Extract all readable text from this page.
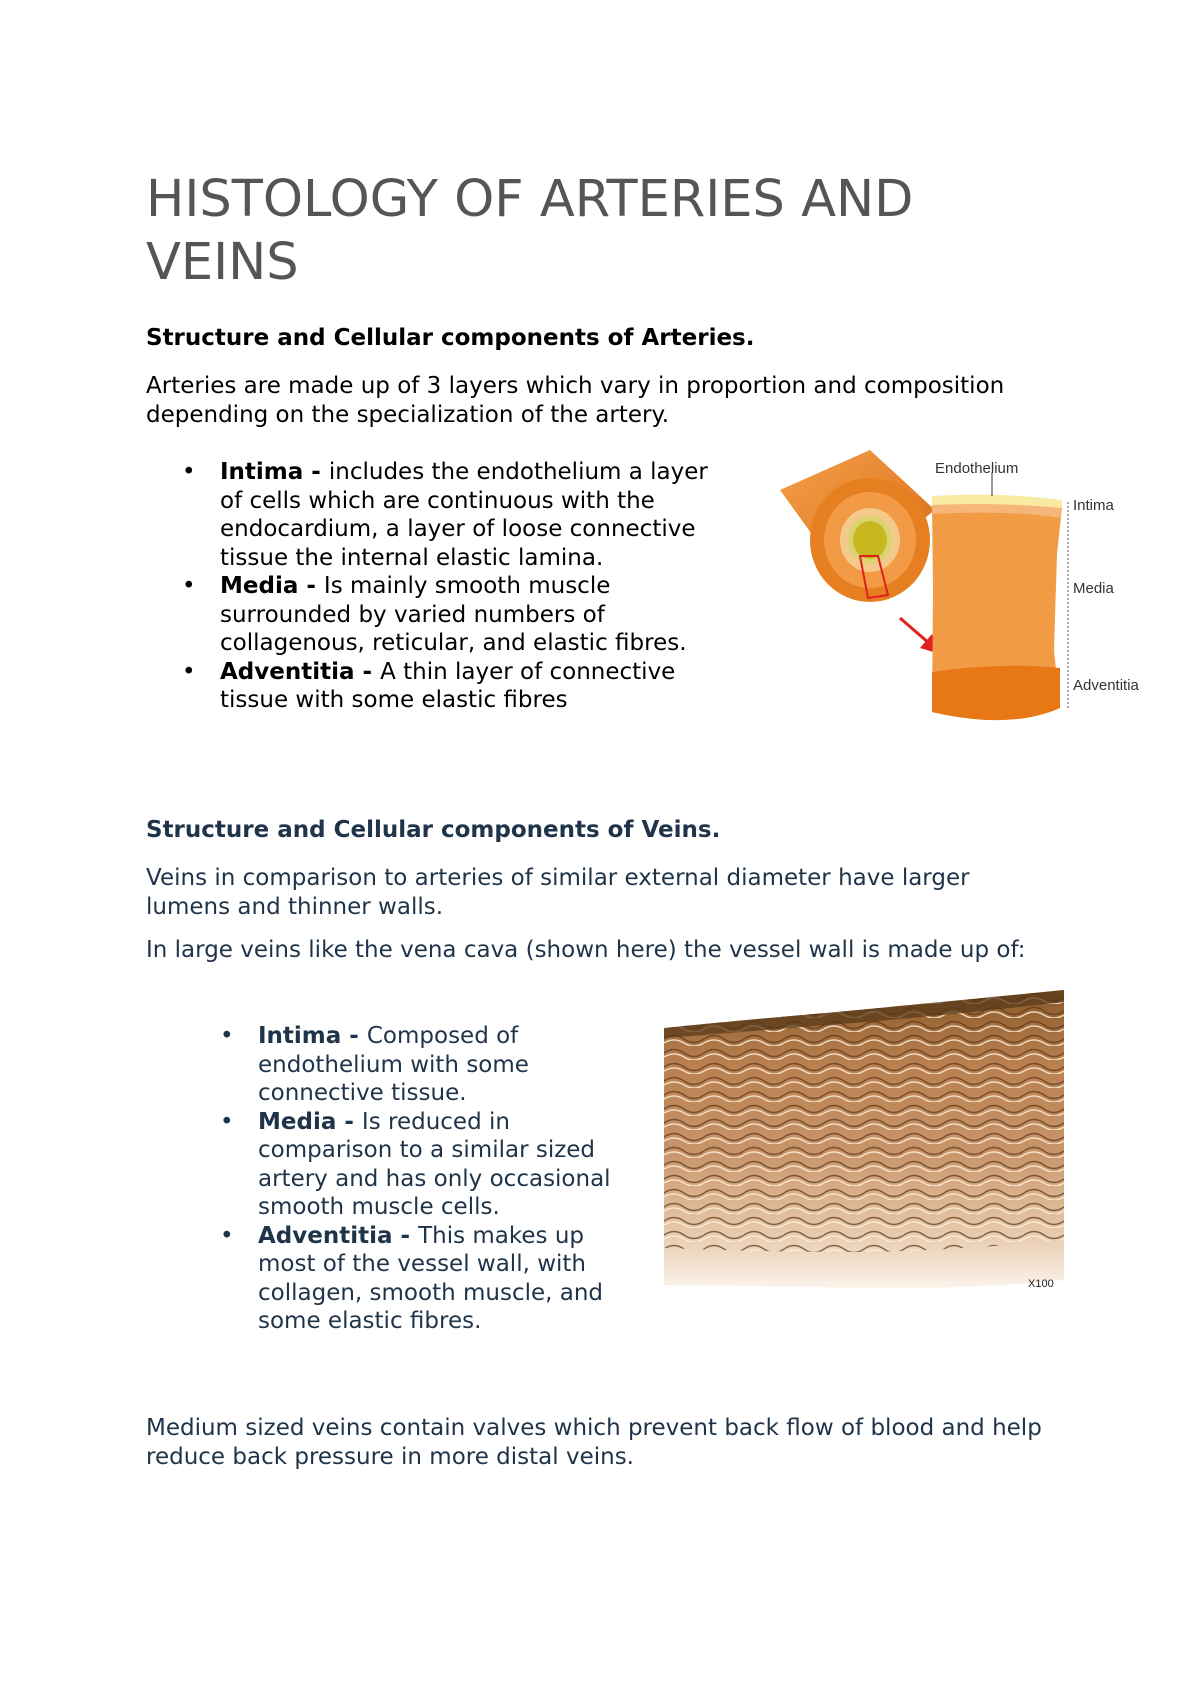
HISTOLOGY OF ARTERIES AND VEINS
Structure and Cellular components of Arteries.

Arteries are made up of 3 layers which vary in proportion and composition depending on the specialization of the artery.

• Intima - includes the endothelium a layer of cells which are continuous with the endocardium, a layer of loose connective tissue the internal elastic lamina.
• Media - Is mainly smooth muscle surrounded by varied numbers of collagenous, reticular, and elastic fibres.
• Adventitia - A thin layer of connective tissue with some elastic fibres
Endothelium
Intima
Media
Adventitia
Structure and Cellular components of Veins.

Veins in comparison to arteries of similar external diameter have larger lumens and thinner walls.

In large veins like the vena cava (shown here) the vessel wall is made up of:

• Intima - Composed of endothelium with some connective tissue.
• Media - Is reduced in comparison to a similar sized artery and has only occasional smooth muscle cells.
• Adventitia - This makes up most of the vessel wall, with collagen, smooth muscle, and some elastic fibres.
X100

Medium sized veins contain valves which prevent back flow of blood and help reduce back pressure in more distal veins.
